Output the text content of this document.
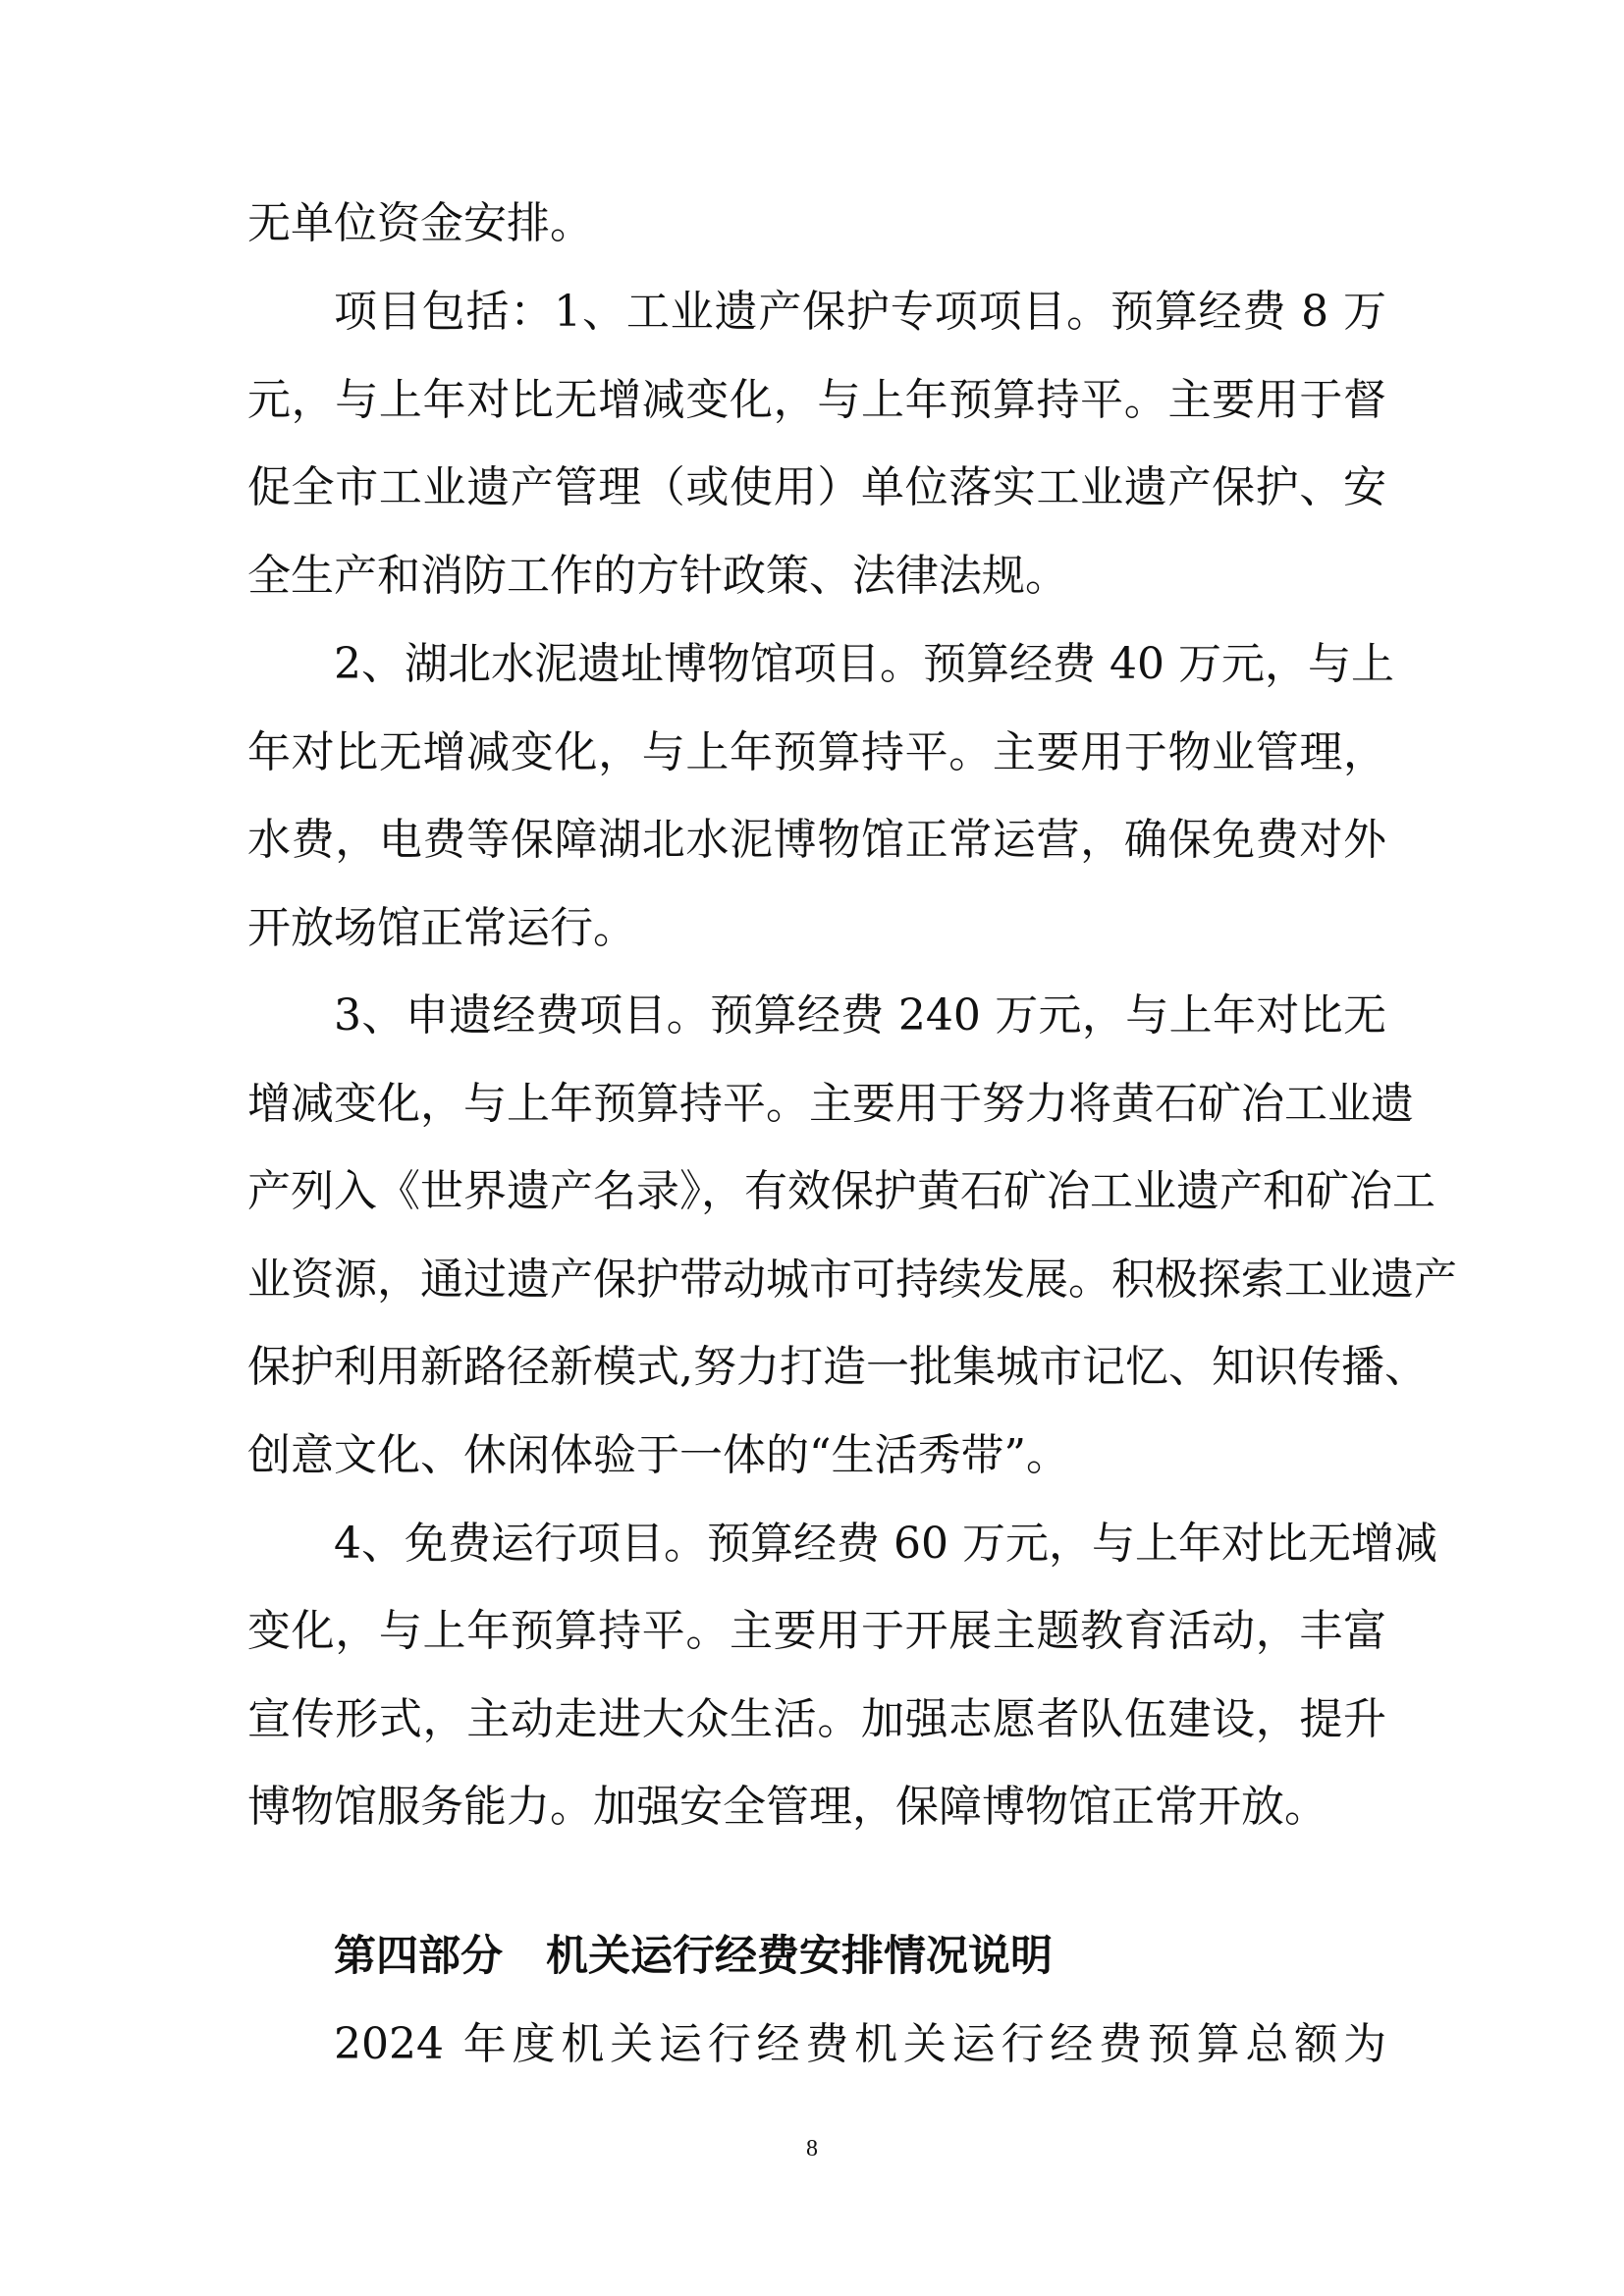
无单位资金安排。

项目包括：1、工业遗产保护专项项目。预算经费 8 万

元，与上年对比无增减变化，与上年预算持平。主要用于督

促全市工业遗产管理（或使用）单位落实工业遗产保护、安

全生产和消防工作的方针政策、法律法规。

2、湖北水泥遗址博物馆项目。预算经费 40 万元，与上

年对比无增减变化，与上年预算持平。主要用于物业管理，

水费，电费等保障湖北水泥博物馆正常运营，确保免费对外

开放场馆正常运行。

3、申遗经费项目。预算经费 240 万元，与上年对比无

增减变化，与上年预算持平。主要用于努力将黄石矿冶工业遗

产列入《世界遗产名录》，有效保护黄石矿冶工业遗产和矿冶工

业资源，通过遗产保护带动城市可持续发展。积极探索工业遗产

保护利用新路径新模式,努力打造一批集城市记忆、知识传播、

创意文化、休闲体验于一体的“生活秀带”。

4、免费运行项目。预算经费 60 万元，与上年对比无增减

变化，与上年预算持平。主要用于开展主题教育活动，丰富

宣传形式，主动走进大众生活。加强志愿者队伍建设，提升

博物馆服务能力。加强安全管理，保障博物馆正常开放。

第四部分 机关运行经费安排情况说明

2024 年度机关运行经费机关运行经费预算总额为

8
